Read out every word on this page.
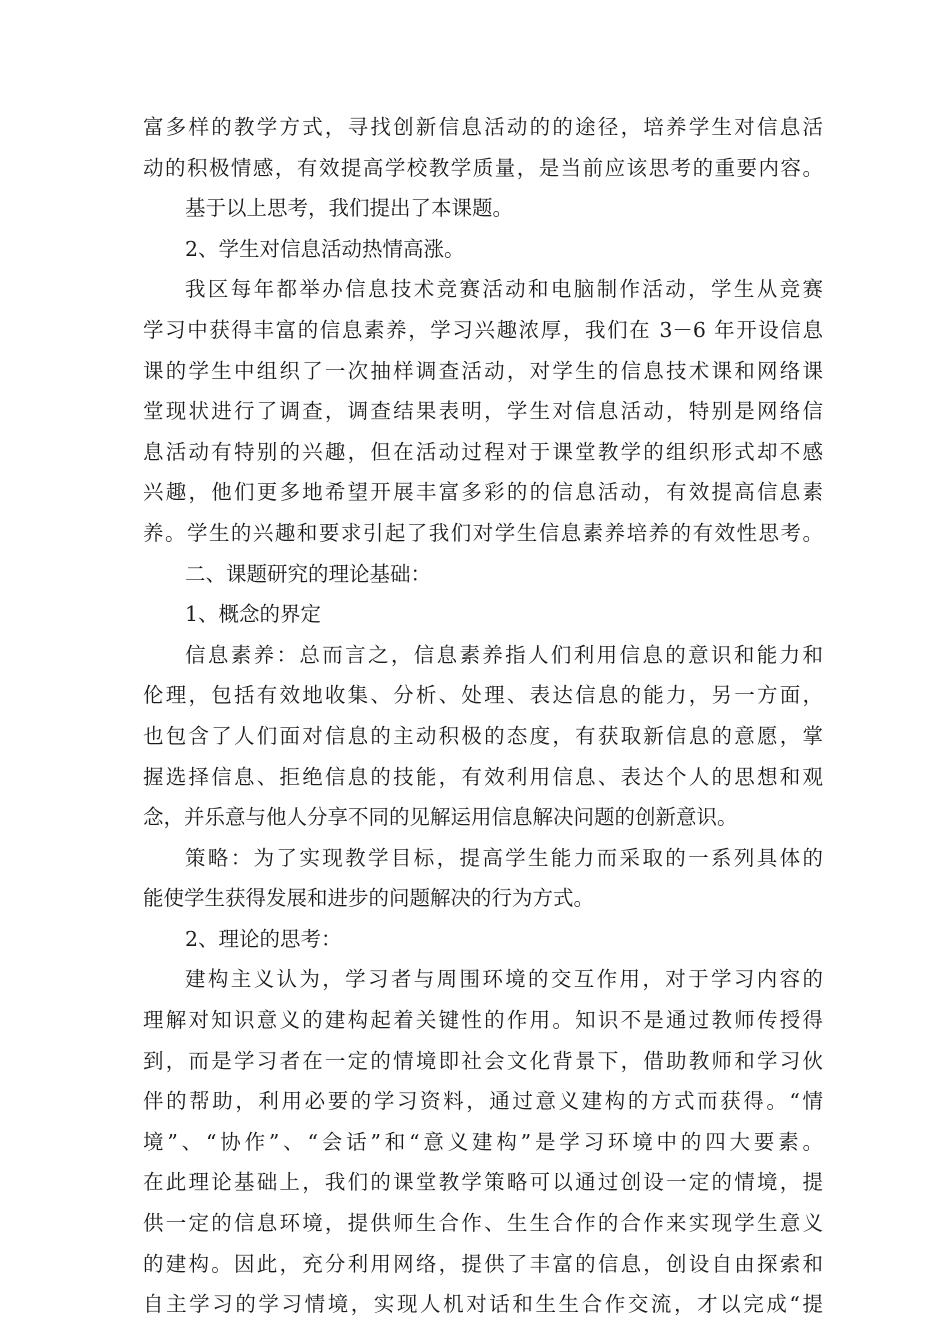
富多样的教学方式，寻找创新信息活动的的途径，培养学生对信息活
动的积极情感，有效提高学校教学质量，是当前应该思考的重要内容。
基于以上思考，我们提出了本课题。
2、学生对信息活动热情高涨。
我区每年都举办信息技术竞赛活动和电脑制作活动，学生从竞赛
学习中获得丰富的信息素养，学习兴趣浓厚，我们在 3－6 年开设信息
课的学生中组织了一次抽样调查活动，对学生的信息技术课和网络课
堂现状进行了调查，调查结果表明，学生对信息活动，特别是网络信
息活动有特别的兴趣，但在活动过程对于课堂教学的组织形式却不感
兴趣，他们更多地希望开展丰富多彩的的信息活动，有效提高信息素
养。学生的兴趣和要求引起了我们对学生信息素养培养的有效性思考。
二、课题研究的理论基础：
1、概念的界定
信息素养：总而言之，信息素养指人们利用信息的意识和能力和
伦理，包括有效地收集、分析、处理、表达信息的能力，另一方面，
也包含了人们面对信息的主动积极的态度，有获取新信息的意愿，掌
握选择信息、拒绝信息的技能，有效利用信息、表达个人的思想和观
念，并乐意与他人分享不同的见解运用信息解决问题的创新意识。
策略：为了实现教学目标，提高学生能力而采取的一系列具体的
能使学生获得发展和进步的问题解决的行为方式。
2、理论的思考：
建构主义认为，学习者与周围环境的交互作用，对于学习内容的
理解对知识意义的建构起着关键性的作用。知识不是通过教师传授得
到，而是学习者在一定的情境即社会文化背景下，借助教师和学习伙
伴的帮助，利用必要的学习资料，通过意义建构的方式而获得。“情
境”、“协作”、“会话”和“意义建构”是学习环境中的四大要素。
在此理论基础上，我们的课堂教学策略可以通过创设一定的情境，提
供一定的信息环境，提供师生合作、生生合作的合作来实现学生意义
的建构。因此，充分利用网络，提供了丰富的信息，创设自由探索和
自主学习的学习情境，实现人机对话和生生合作交流，才以完成“提
